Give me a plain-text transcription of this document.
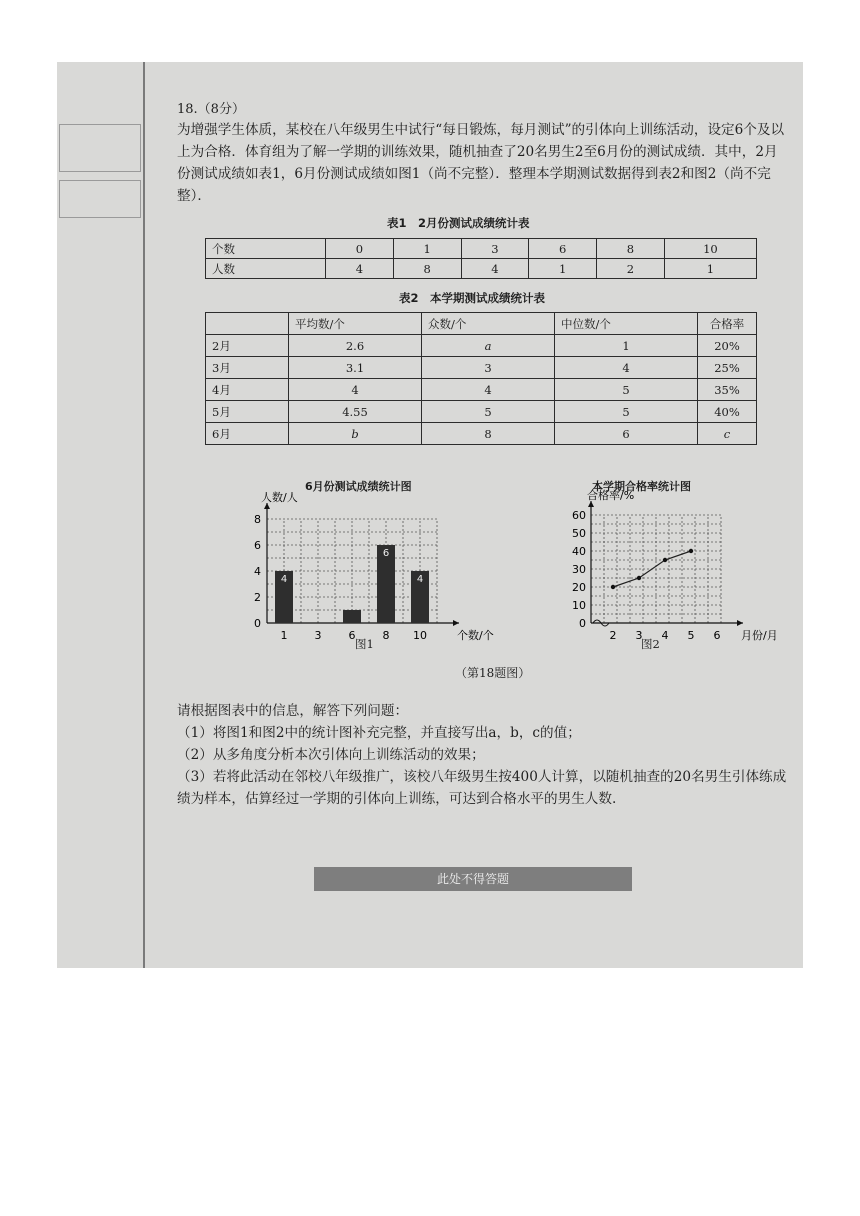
18.（8分）
为增强学生体质，某校在八年级男生中试行“每日锻炼，每月测试”的引体向上训练活动，设定6个及以上为合格．体育组为了解一学期的训练效果，随机抽查了20名男生2至6月份的测试成绩．其中，2月份测试成绩如表1，6月份测试成绩如图1（尚不完整）．整理本学期测试数据得到表2和图2（尚不完整）．
表1　2月份测试成绩统计表
个数	0	1	3	6	8	10
人数	4	8	4	1	2	1
表2　本学期测试成绩统计表
	平均数/个	众数/个	中位数/个	合格率
2月	2.6	a	1	20%
3月	3.1	3	4	25%
4月	4	4	5	35%
5月	4.55	5	5	40%
6月	b	8	6	c
6月份测试成绩统计图	本学期合格率统计图
0
2
4
6
8
人数/人
个数/个
1
4
3 6 8
6
10
4
0
10
20
30
40
50
60
合格率/%
月份/月
2 3 4 5 6
图1	图2
（第18题图）
请根据图表中的信息，解答下列问题：
（1）将图1和图2中的统计图补充完整，并直接写出a，b，c的值；
（2）从多角度分析本次引体向上训练活动的效果；
（3）若将此活动在邻校八年级推广，该校八年级男生按400人计算，以随机抽查的20名男生引体练成绩为样本，估算经过一学期的引体向上训练，可达到合格水平的男生人数.
此处不得答题
